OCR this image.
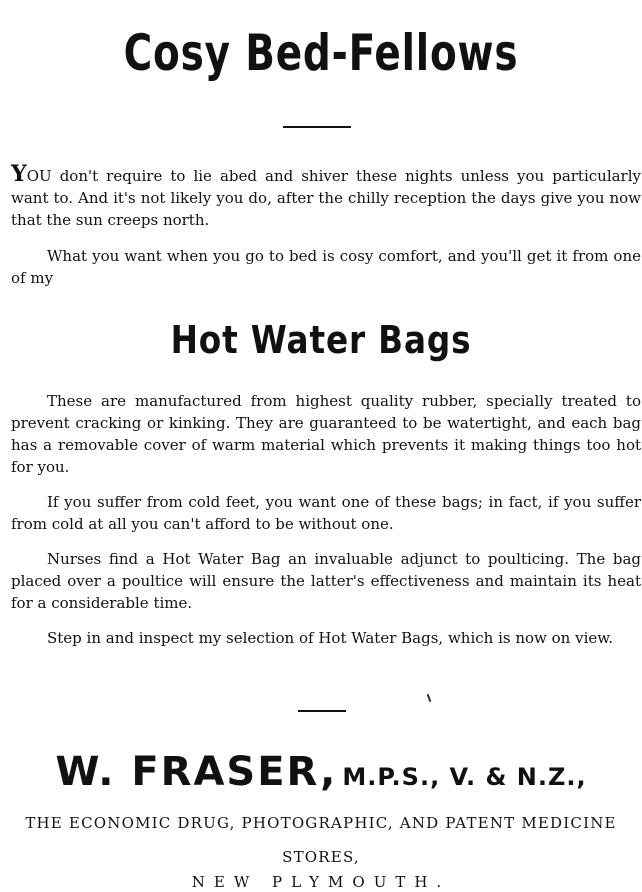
Cosy Bed-Fellows
YOU don't require to lie abed and shiver these nights unless you particularly want to. And it's not likely you do, after the chilly reception the days give you now that the sun creeps north.
What you want when you go to bed is cosy comfort, and you'll get it from one of my
Hot Water Bags
These are manufactured from highest quality rubber, specially treated to prevent cracking or kinking. They are guaranteed to be watertight, and each bag has a removable cover of warm material which prevents it making things too hot for you.
If you suffer from cold feet, you want one of these bags; in fact, if you suffer from cold at all you can't afford to be without one.
Nurses find a Hot Water Bag an invaluable adjunct to poulticing. The bag placed over a poultice will ensure the latter's effectiveness and maintain its heat for a considerable time.
Step in and inspect my selection of Hot Water Bags, which is now on view.
W. FRASER, M.P.S., V. & N.Z.,
THE ECONOMIC DRUG, PHOTOGRAPHIC, AND PATENT MEDICINE STORES,
NEW PLYMOUTH.
